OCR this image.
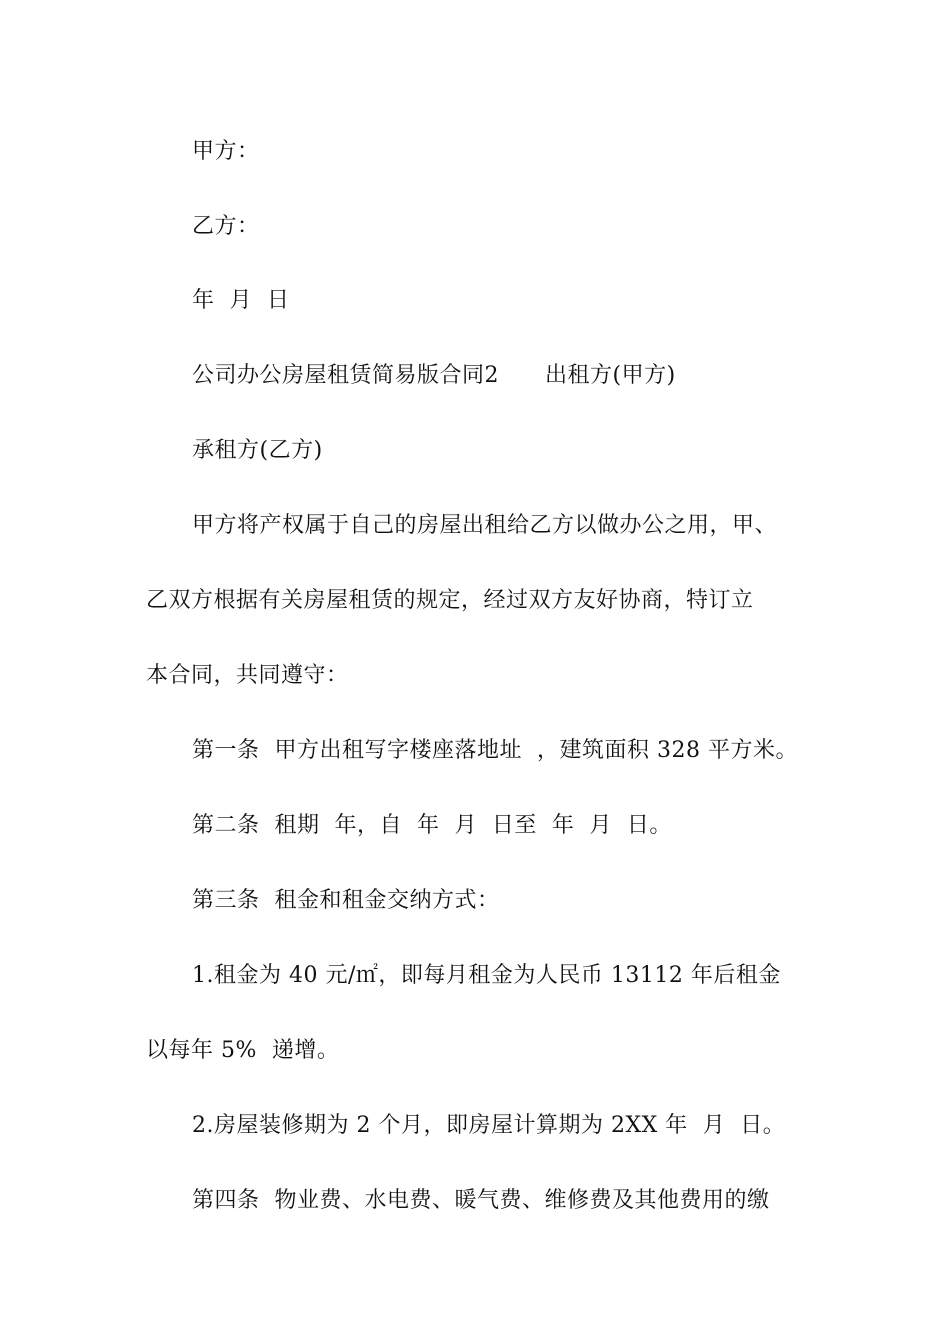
甲方：
乙方：
年  月  日
公司办公房屋租赁简易版合同2 出租方(甲方)
承租方(乙方)
甲方将产权属于自己的房屋出租给乙方以做办公之用，甲、
乙双方根据有关房屋租赁的规定，经过双方友好协商，特订立
本合同，共同遵守：
第一条  甲方出租写字楼座落地址  ，建筑面积 328 平方米。
第二条  租期  年，自  年  月  日至  年  月  日。
第三条  租金和租金交纳方式：
1.租金为 40 元/㎡，即每月租金为人民币 13112 年后租金
以每年 5%  递增。
2.房屋装修期为 2 个月，即房屋计算期为 2XX 年  月  日。
第四条  物业费、水电费、暖气费、维修费及其他费用的缴
